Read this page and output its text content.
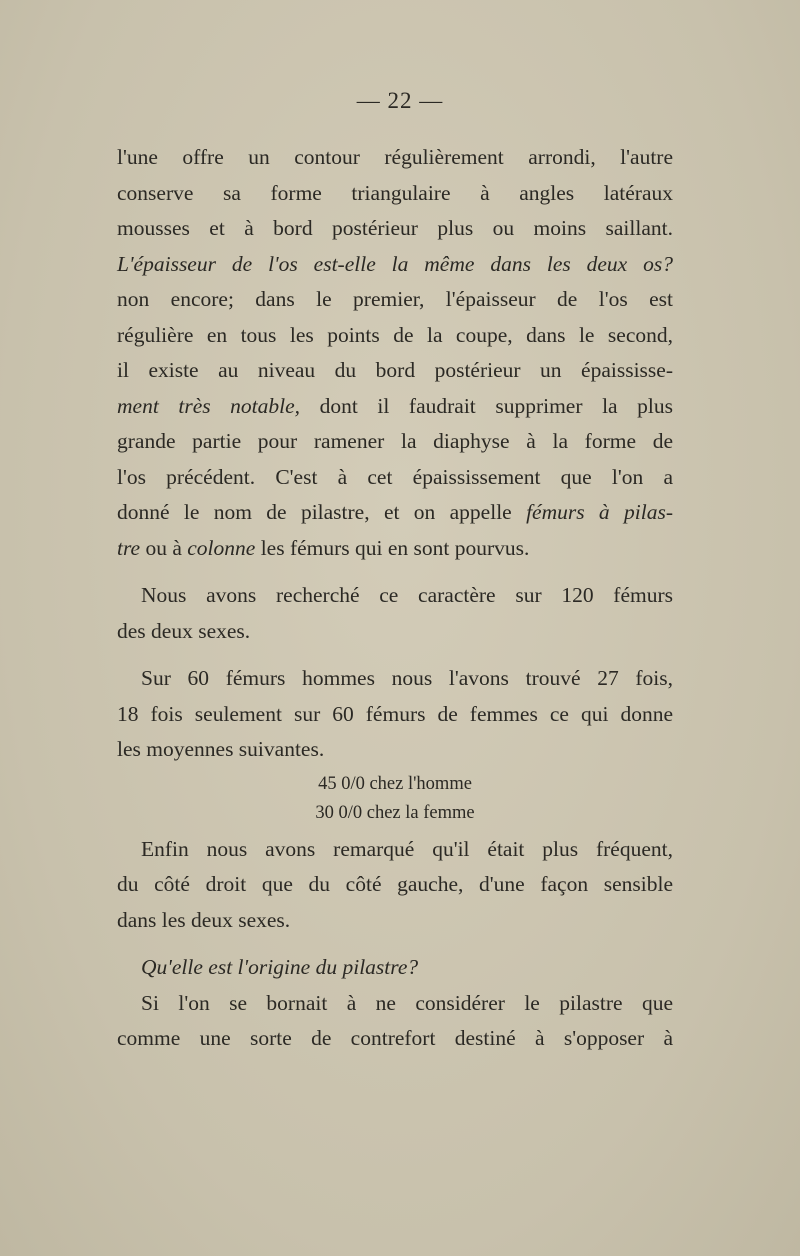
— 22 —

l'une offre un contour régulièrement arrondi, l'autre
conserve sa forme triangulaire à angles latéraux
mousses et à bord postérieur plus ou moins saillant.

L'épaisseur de l'os est-elle la même dans les deux os?
non encore; dans le premier, l'épaisseur de l'os est
régulière en tous les points de la coupe, dans le second,
il existe au niveau du bord postérieur un épaississe-
ment très notable, dont il faudrait supprimer la plus
grande partie pour ramener la diaphyse à la forme de
l'os précédent. C'est à cet épaississement que l'on a
donné le nom de pilastre, et on appelle fémurs à pilas-
tre ou à colonne les fémurs qui en sont pourvus.

Nous avons recherché ce caractère sur 120 fémurs
des deux sexes.

Sur 60 fémurs hommes nous l'avons trouvé 27 fois,
18 fois seulement sur 60 fémurs de femmes ce qui donne
les moyennes suivantes.

45 0/0 chez l'homme
30 0/0 chez la femme

Enfin nous avons remarqué qu'il était plus fréquent,
du côté droit que du côté gauche, d'une façon sensible
dans les deux sexes.

Qu'elle est l'origine du pilastre?

Si l'on se bornait à ne considérer le pilastre que
comme une sorte de contrefort destiné à s'opposer à
